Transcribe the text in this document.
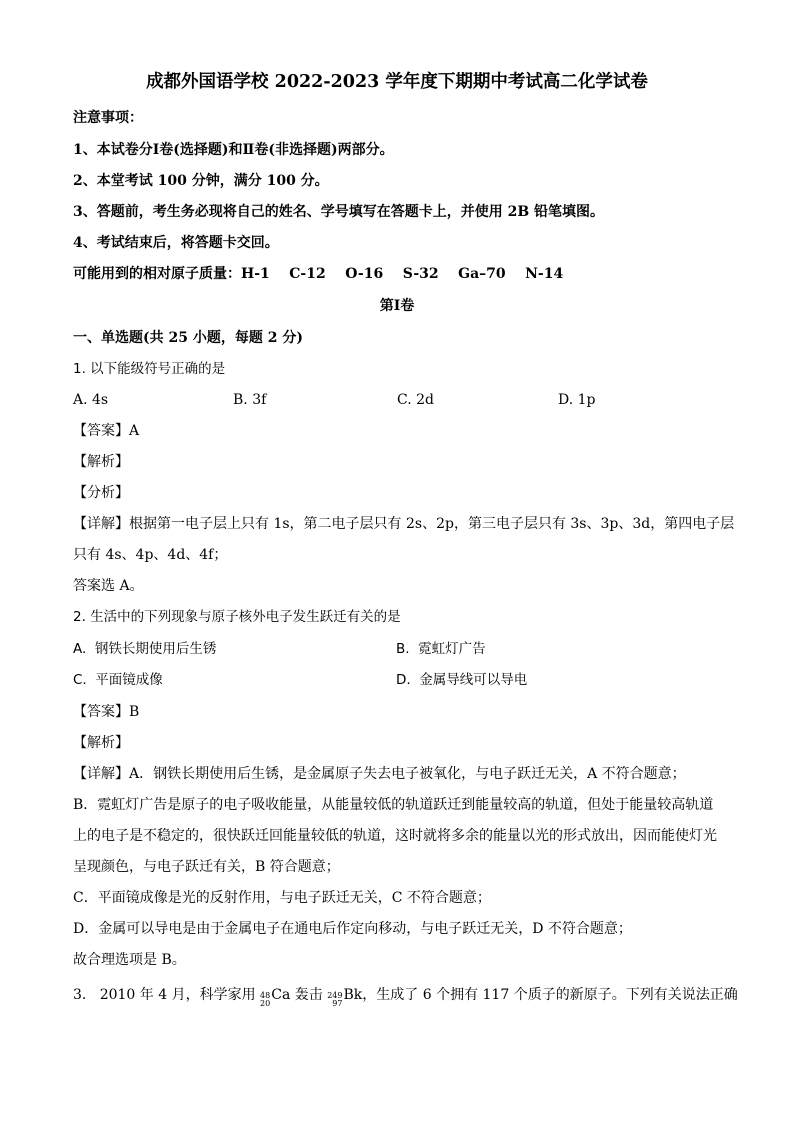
成都外国语学校 2022-2023 学年度下期期中考试高二化学试卷
注意事项：
1、本试卷分Ⅰ卷(选择题)和Ⅱ卷(非选择题)两部分。
2、本堂考试 100 分钟，满分 100 分。
3、答题前，考生务必现将自己的姓名、学号填写在答题卡上，并使用 2B 铅笔填图。
4、考试结束后，将答题卡交回。
可能用到的相对原子质量：H-1    C-12    O-16    S-32    Ga–70    N-14
第Ⅰ卷
一、单选题(共 25 小题，每题 2 分)
1. 以下能级符号正确的是
A. 4s	B. 3f	C. 2d	D. 1p
【答案】A
【解析】
【分析】
【详解】根据第一电子层上只有 1s，第二电子层只有 2s、2p，第三电子层只有 3s、3p、3d，第四电子层
只有 4s、4p、4d、4f；
答案选 A。
2. 生活中的下列现象与原子核外电子发生跃迁有关的是
A.  钢铁长期使用后生锈	B.  霓虹灯广告
C.  平面镜成像	D.  金属导线可以导电
【答案】B
【解析】
【详解】A．钢铁长期使用后生锈，是金属原子失去电子被氧化，与电子跃迁无关，A 不符合题意；
B．霓虹灯广告是原子的电子吸收能量，从能量较低的轨道跃迁到能量较高的轨道，但处于能量较高轨道
上的电子是不稳定的，很快跃迁回能量较低的轨道，这时就将多余的能量以光的形式放出，因而能使灯光
呈现颜色，与电子跃迁有关，B 符合题意；
C．平面镜成像是光的反射作用，与电子跃迁无关，C 不符合题意；
D．金属可以导电是由于金属电子在通电后作定向移动，与电子跃迁无关，D 不符合题意；
故合理选项是 B。
3.   2010 年 4 月，科学家用 48
20
Ca 轰击 249
97
Bk，生成了 6 个拥有 117 个质子的新原子。下列有关说法正确
